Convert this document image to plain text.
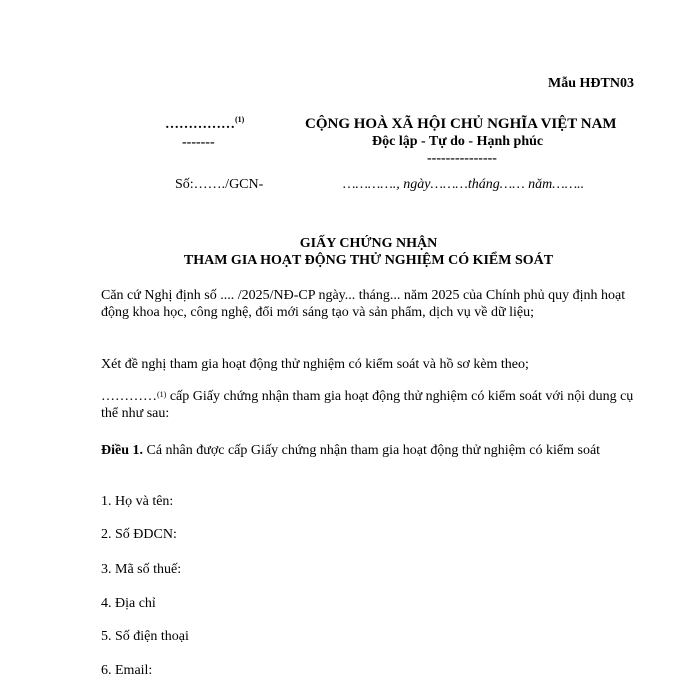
Mẫu HĐTN03
……………$^{(1)}$
-------
CỘNG HOÀ XÃ HỘI CHỦ NGHĨA VIỆT NAM
Độc lập - Tự do - Hạnh phúc
---------------
Số:……./GCN-	…………., ngày………tháng…… năm……..
GIẤY CHỨNG NHẬN
THAM GIA HOẠT ĐỘNG THỬ NGHIỆM CÓ KIỂM SOÁT
Căn cứ Nghị định số .... /2025/NĐ-CP ngày... tháng... năm 2025 của Chính phủ quy định hoạt động khoa học, công nghệ, đổi mới sáng tạo và sản phẩm, dịch vụ về dữ liệu;
Xét đề nghị tham gia hoạt động thử nghiệm có kiểm soát và hồ sơ kèm theo;
…………$^{(1)}$ cấp Giấy chứng nhận tham gia hoạt động thử nghiệm có kiểm soát với nội dung cụ thể như sau:
Điều 1. Cá nhân được cấp Giấy chứng nhận tham gia hoạt động thử nghiệm có kiểm soát
1. Họ và tên:
2. Số ĐDCN:
3. Mã số thuế:
4. Địa chỉ
5. Số điện thoại
6. Email:
